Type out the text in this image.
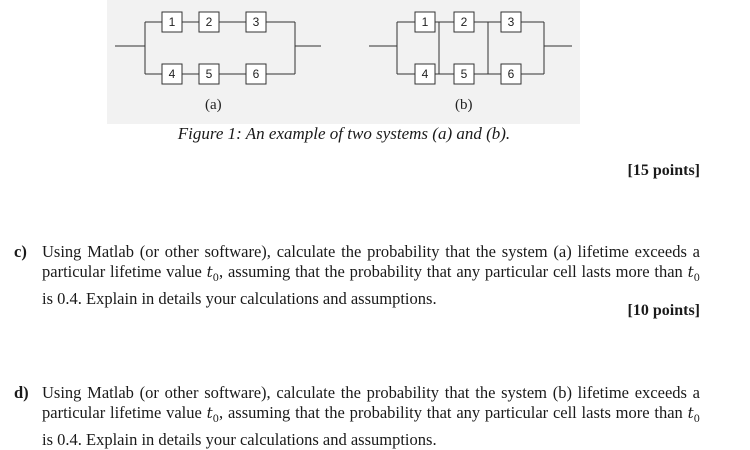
1	2	3
4	5	6
1	2	3
4	5	6
(a)	(b)
Figure 1: An example of two systems (a) and (b).
[15 points]
c) Using Matlab (or other software), calculate the probability that the system (a) lifetime exceeds a particular lifetime value $t_0$, assuming that the probability that any particular cell lasts more than $t_0$ is 0.4. Explain in details your calculations and assumptions.
[10 points]
d) Using Matlab (or other software), calculate the probability that the system (b) lifetime exceeds a particular lifetime value $t_0$, assuming that the probability that any particular cell lasts more than $t_0$ is 0.4. Explain in details your calculations and assumptions.
